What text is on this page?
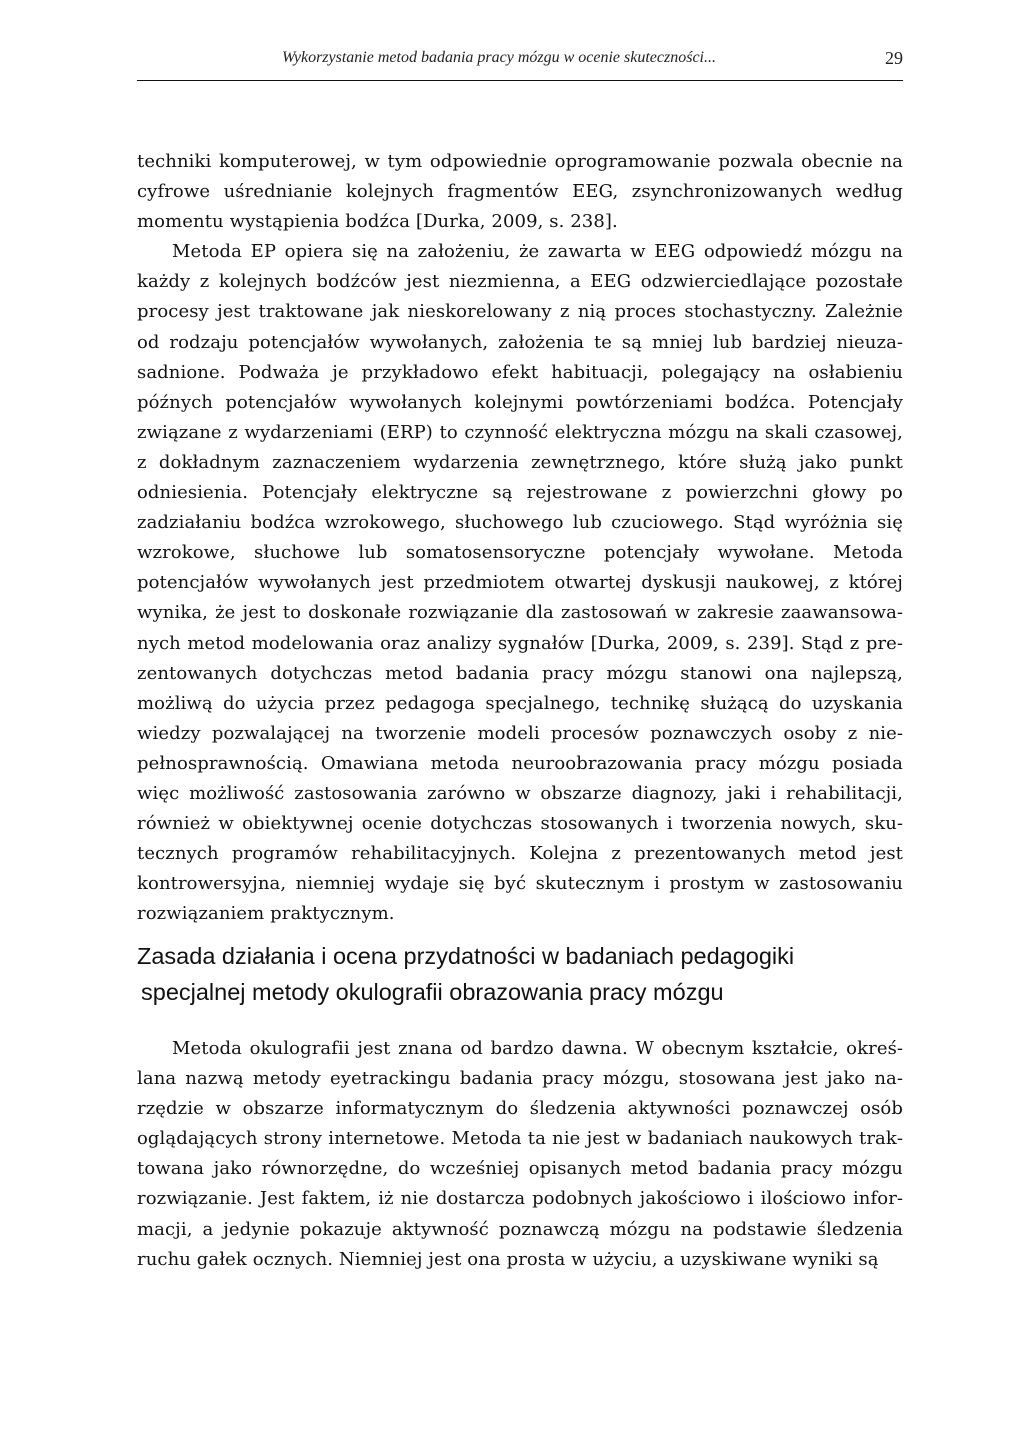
Wykorzystanie metod badania pracy mózgu w ocenie skuteczności...	29

techniki komputerowej, w tym odpowiednie oprogramowanie pozwala obecnie na cyfrowe uśrednianie kolejnych fragmentów EEG, zsynchronizowanych według momentu wystąpienia bodźca [Durka, 2009, s. 238].

Metoda EP opiera się na założeniu, że zawarta w EEG odpowiedź mózgu na każdy z kolejnych bodźców jest niezmienna, a EEG odzwierciedlające pozostałe procesy jest traktowane jak nieskorelowany z nią proces stochastyczny. Zależnie od rodzaju potencjałów wywołanych, założenia te są mniej lub bardziej nieuzasadnione. Podważa je przykładowo efekt habituacji, polegający na osłabieniu późnych potencjałów wywołanych kolejnymi powtórzeniami bodźca. Potencjały związane z wydarzeniami (ERP) to czynność elektryczna mózgu na skali czasowej, z dokładnym zaznaczeniem wydarzenia zewnętrznego, które służą jako punkt odniesienia. Potencjały elektryczne są rejestrowane z powierzchni głowy po zadziałaniu bodźca wzrokowego, słuchowego lub czuciowego. Stąd wyróżnia się wzrokowe, słuchowe lub somatosensoryczne potencjały wywołane. Metoda potencjałów wywołanych jest przedmiotem otwartej dyskusji naukowej, z której wynika, że jest to doskonałe rozwiązanie dla zastosowań w zakresie zaawansowanych metod modelowania oraz analizy sygnałów [Durka, 2009, s. 239]. Stąd z prezentowanych dotychczas metod badania pracy mózgu stanowi ona najlepszą, możliwą do użycia przez pedagoga specjalnego, technikę służącą do uzyskania wiedzy pozwalającej na tworzenie modeli procesów poznawczych osoby z niepełnosprawnością. Omawiana metoda neuroobrazowania pracy mózgu posiada więc możliwość zastosowania zarówno w obszarze diagnozy, jaki i rehabilitacji, również w obiektywnej ocenie dotychczas stosowanych i tworzenia nowych, skutecznych programów rehabilitacyjnych. Kolejna z prezentowanych metod jest kontrowersyjna, niemniej wydaje się być skutecznym i prostym w zastosowaniu rozwiązaniem praktycznym.

Zasada działania i ocena przydatności w badaniach pedagogiki
specjalnej metody okulografii obrazowania pracy mózgu

Metoda okulografii jest znana od bardzo dawna. W obecnym kształcie, określana nazwą metody eyetrackingu badania pracy mózgu, stosowana jest jako narzędzie w obszarze informatycznym do śledzenia aktywności poznawczej osób oglądających strony internetowe. Metoda ta nie jest w badaniach naukowych traktowana jako równorzędne, do wcześniej opisanych metod badania pracy mózgu rozwiązanie. Jest faktem, iż nie dostarcza podobnych jakościowo i ilościowo informacji, a jedynie pokazuje aktywność poznawczą mózgu na podstawie śledzenia ruchu gałek ocznych. Niemniej jest ona prosta w użyciu, a uzyskiwane wyniki są
